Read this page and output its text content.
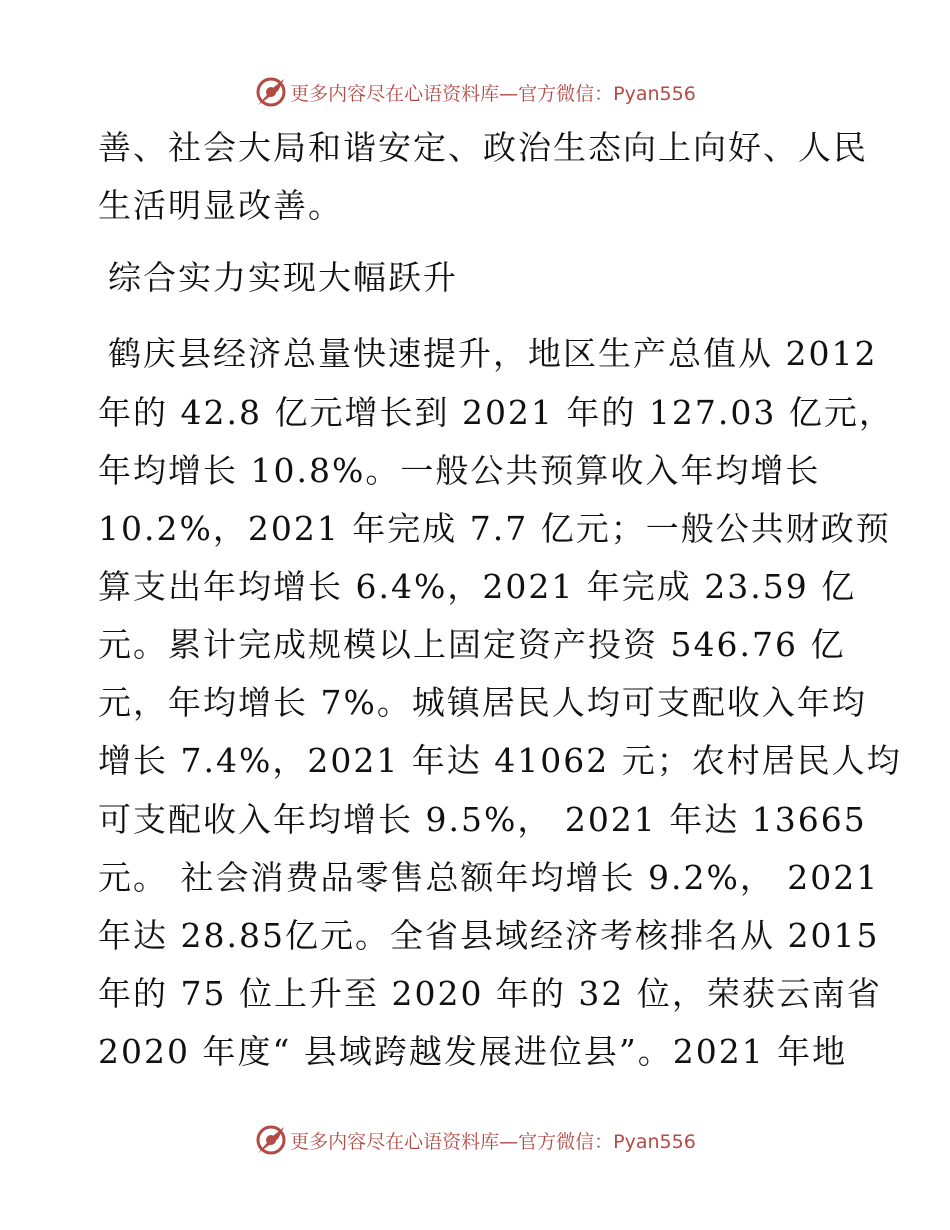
更多内容尽在心语资料库—官方微信：Pyan556
善、社会大局和谐安定、政治生态向上向好、人民
生活明显改善。
综合实力实现大幅跃升
鹤庆县经济总量快速提升，地区生产总值从 2012
年的 42.8 亿元增长到 2021 年的 127.03 亿元，
年均增长 10.8%。一般公共预算收入年均增长
10.2%，2021 年完成 7.7 亿元；一般公共财政预
算支出年均增长 6.4%，2021 年完成 23.59 亿
元。累计完成规模以上固定资产投资 546.76 亿
元，年均增长 7%。城镇居民人均可支配收入年均
增长 7.4%，2021 年达 41062 元；农村居民人均
可支配收入年均增长 9.5%， 2021 年达 13665
元。 社会消费品零售总额年均增长 9.2%， 2021
年达 28.85亿元。全省县域经济考核排名从 2015
年的 75 位上升至 2020 年的 32 位，荣获云南省
2020 年度“ 县域跨越发展进位县”。2021 年地
更多内容尽在心语资料库—官方微信：Pyan556
